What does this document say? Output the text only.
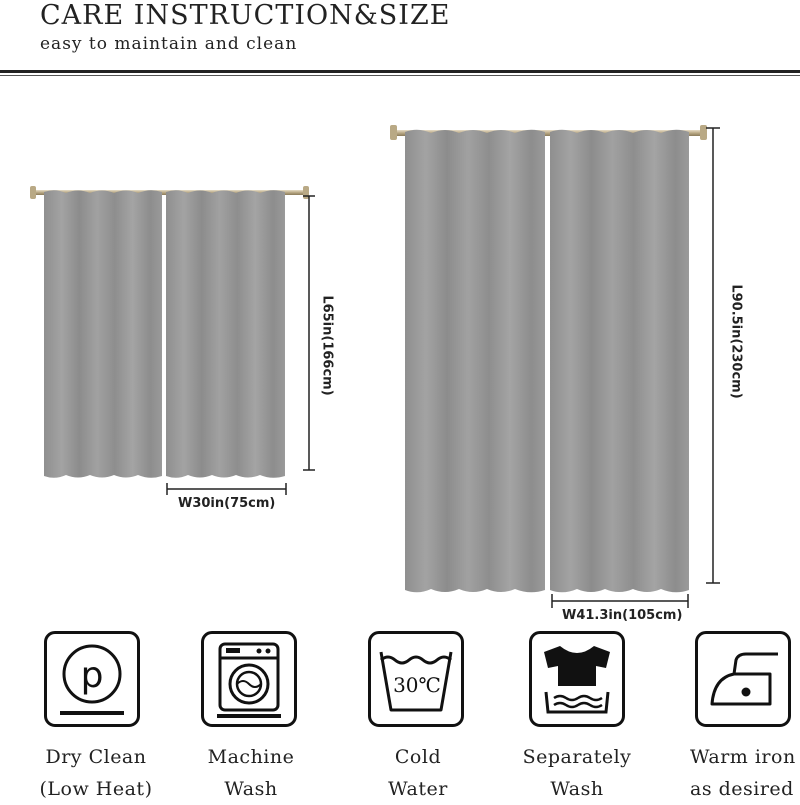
CARE INSTRUCTION&SIZE
easy to maintain and clean
L65in(166cm)
W30in(75cm)
L90.5in(230cm)
W41.3in(105cm)
p	30℃
Dry Clean
(Low Heat)
Machine
Wash
Cold
Water
Separately
Wash
Warm iron
as desired
